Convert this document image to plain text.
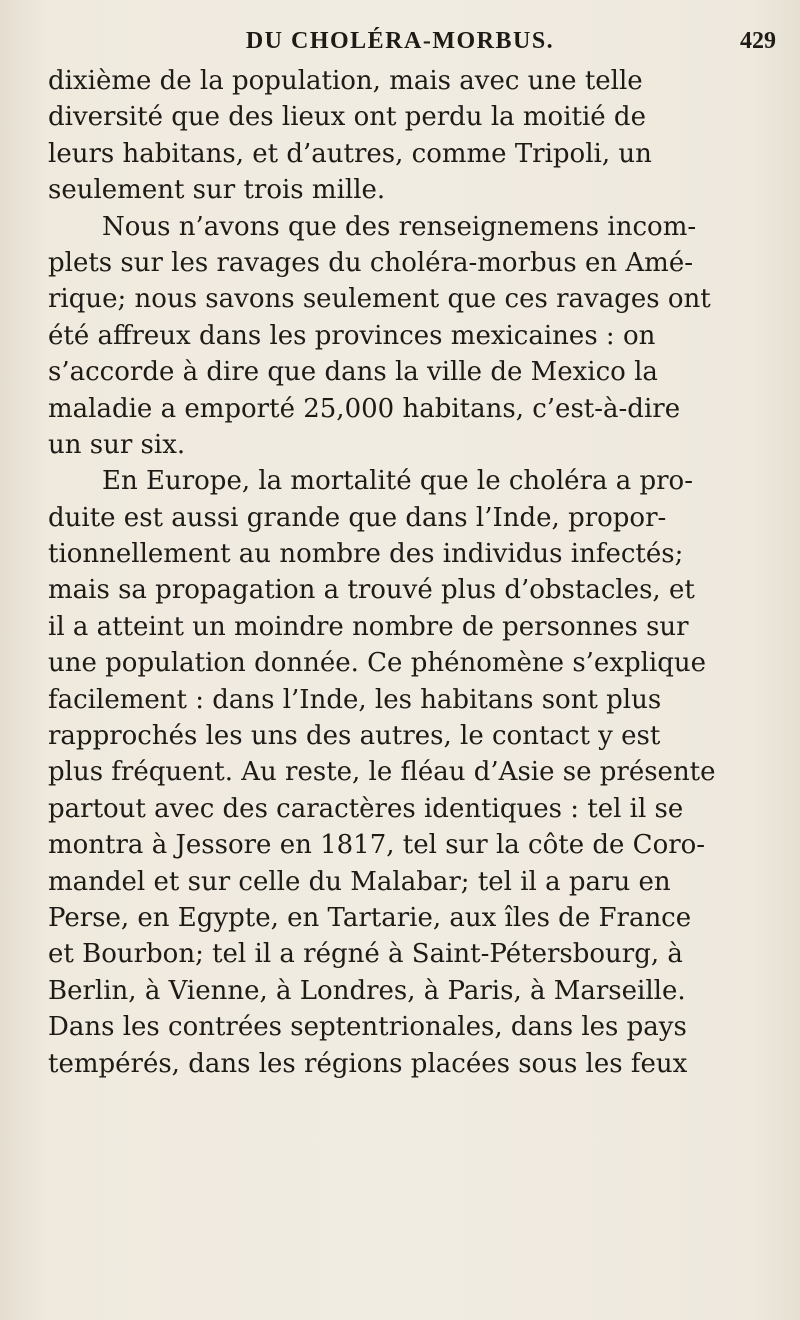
DU CHOLÉRA-MORBUS.	429
dixième de la population, mais avec une telle
diversité que des lieux ont perdu la moitié de
leurs habitans, et d’autres, comme Tripoli, un
seulement sur trois mille.
Nous n’avons que des renseignemens incom-
plets sur les ravages du choléra-morbus en Amé-
rique; nous savons seulement que ces ravages ont
été affreux dans les provinces mexicaines : on
s’accorde à dire que dans la ville de Mexico la
maladie a emporté 25,000 habitans, c’est-à-dire
un sur six.
En Europe, la mortalité que le choléra a pro-
duite est aussi grande que dans l’Inde, propor-
tionnellement au nombre des individus infectés;
mais sa propagation a trouvé plus d’obstacles, et
il a atteint un moindre nombre de personnes sur
une population donnée. Ce phénomène s’explique
facilement : dans l’Inde, les habitans sont plus
rapprochés les uns des autres, le contact y est
plus fréquent. Au reste, le fléau d’Asie se présente
partout avec des caractères identiques : tel il se
montra à Jessore en 1817, tel sur la côte de Coro-
mandel et sur celle du Malabar; tel il a paru en
Perse, en Egypte, en Tartarie, aux îles de France
et Bourbon; tel il a régné à Saint-Pétersbourg, à
Berlin, à Vienne, à Londres, à Paris, à Marseille.
Dans les contrées septentrionales, dans les pays
tempérés, dans les régions placées sous les feux
